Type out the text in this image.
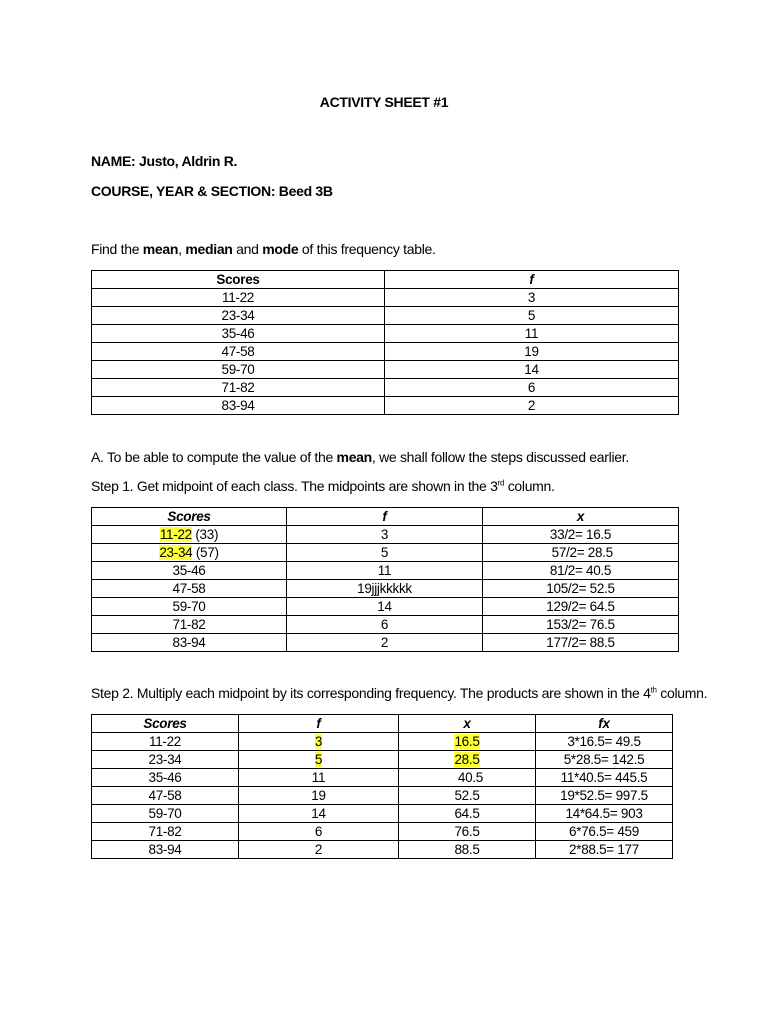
ACTIVITY SHEET #1
NAME: Justo, Aldrin R.
COURSE, YEAR & SECTION: Beed 3B
Find the mean, median and mode of this frequency table.
Scores	f
11-22	3
23-34	5
35-46	11
47-58	19
59-70	14
71-82	6
83-94	2
A. To be able to compute the value of the mean, we shall follow the steps discussed earlier.
Step 1. Get midpoint of each class. The midpoints are shown in the 3rd column.
Scores	f	x
11-22 (33)	3	33/2= 16.5
23-34 (57)	5	57/2= 28.5
35-46	11	81/2= 40.5
47-58	19jjjkkkkk	105/2= 52.5
59-70	14	129/2= 64.5
71-82	6	153/2= 76.5
83-94	2	177/2= 88.5
Step 2. Multiply each midpoint by its corresponding frequency. The products are shown in the 4th column.
Scores	f	x	fx
11-22	3	16.5	3*16.5= 49.5
23-34	5	28.5	5*28.5= 142.5
35-46	11	40.5	11*40.5= 445.5
47-58	19	52.5	19*52.5= 997.5
59-70	14	64.5	14*64.5= 903
71-82	6	76.5	6*76.5= 459
83-94	2	88.5	2*88.5= 177
